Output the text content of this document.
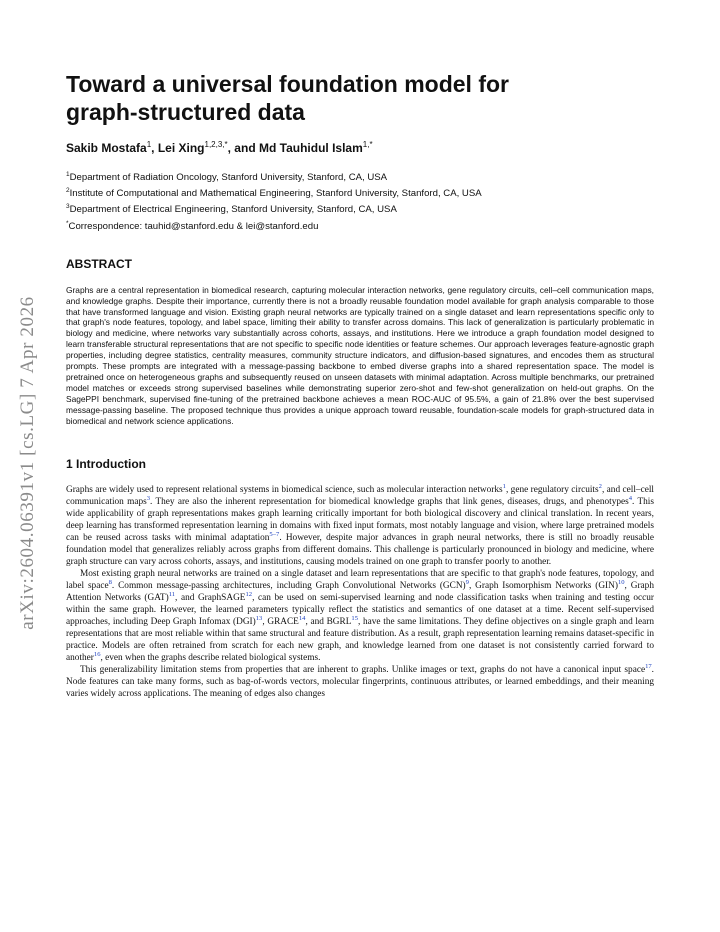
arXiv:2604.06391v1 [cs.LG] 7 Apr 2026
Toward a universal foundation model for graph-structured data
Sakib Mostafa$^1$, Lei Xing$^{1,2,3,*}$, and Md Tauhidul Islam$^{1,*}$
$^1$Department of Radiation Oncology, Stanford University, Stanford, CA, USA
$^2$Institute of Computational and Mathematical Engineering, Stanford University, Stanford, CA, USA
$^3$Department of Electrical Engineering, Stanford University, Stanford, CA, USA
*Correspondence: tauhid@stanford.edu & lei@stanford.edu
ABSTRACT
Graphs are a central representation in biomedical research, capturing molecular interaction networks, gene regulatory circuits, cell–cell communication maps, and knowledge graphs. Despite their importance, currently there is not a broadly reusable foundation model available for graph analysis comparable to those that have transformed language and vision. Existing graph neural networks are typically trained on a single dataset and learn representations specific only to that graph's node features, topology, and label space, limiting their ability to transfer across domains. This lack of generalization is particularly problematic in biology and medicine, where networks vary substantially across cohorts, assays, and institutions. Here we introduce a graph foundation model designed to learn transferable structural representations that are not specific to specific node identities or feature schemes. Our approach leverages feature-agnostic graph properties, including degree statistics, centrality measures, community structure indicators, and diffusion-based signatures, and encodes them as structural prompts. These prompts are integrated with a message-passing backbone to embed diverse graphs into a shared representation space. The model is pretrained once on heterogeneous graphs and subsequently reused on unseen datasets with minimal adaptation. Across multiple benchmarks, our pretrained model matches or exceeds strong supervised baselines while demonstrating superior zero-shot and few-shot generalization on held-out graphs. On the SagePPI benchmark, supervised fine-tuning of the pretrained backbone achieves a mean ROC-AUC of 95.5%, a gain of 21.8% over the best supervised message-passing baseline. The proposed technique thus provides a unique approach toward reusable, foundation-scale models for graph-structured data in biomedical and network science applications.
1 Introduction

Graphs are widely used to represent relational systems in biomedical science, such as molecular interaction networks$^1$, gene regulatory circuits$^2$, and cell–cell communication maps$^3$. They are also the inherent representation for biomedical knowledge graphs that link genes, diseases, drugs, and phenotypes$^4$. This wide applicability of graph representations makes graph learning critically important for both biological discovery and clinical translation. In recent years, deep learning has transformed representation learning in domains with fixed input formats, most notably language and vision, where large pretrained models can be reused across tasks with minimal adaptation$^{5-7}$. However, despite major advances in graph neural networks, there is still no broadly reusable foundation model that generalizes reliably across graphs from different domains. This challenge is particularly pronounced in biology and medicine, where graph structure can vary across cohorts, assays, and institutions, causing models trained on one graph to transfer poorly to another.

Most existing graph neural networks are trained on a single dataset and learn representations that are specific to that graph's node features, topology, and label space$^8$. Common message-passing architectures, including Graph Convolutional Networks (GCN)$^9$, Graph Isomorphism Networks (GIN)$^{10}$, Graph Attention Networks (GAT)$^{11}$, and GraphSAGE$^{12}$, can be used on semi-supervised learning and node classification tasks when training and testing occur within the same graph. However, the learned parameters typically reflect the statistics and semantics of one dataset at a time. Recent self-supervised approaches, including Deep Graph Infomax (DGI)$^{13}$, GRACE$^{14}$, and BGRL$^{15}$, have the same limitations. They define objectives on a single graph and learn representations that are most reliable within that same structural and feature distribution. As a result, graph representation learning remains dataset-specific in practice. Models are often retrained from scratch for each new graph, and knowledge learned from one dataset is not consistently carried forward to another$^{16}$, even when the graphs describe related biological systems.

This generalizability limitation stems from properties that are inherent to graphs. Unlike images or text, graphs do not have a canonical input space$^{17}$. Node features can take many forms, such as bag-of-words vectors, molecular fingerprints, continuous attributes, or learned embeddings, and their meaning varies widely across applications. The meaning of edges also changes
